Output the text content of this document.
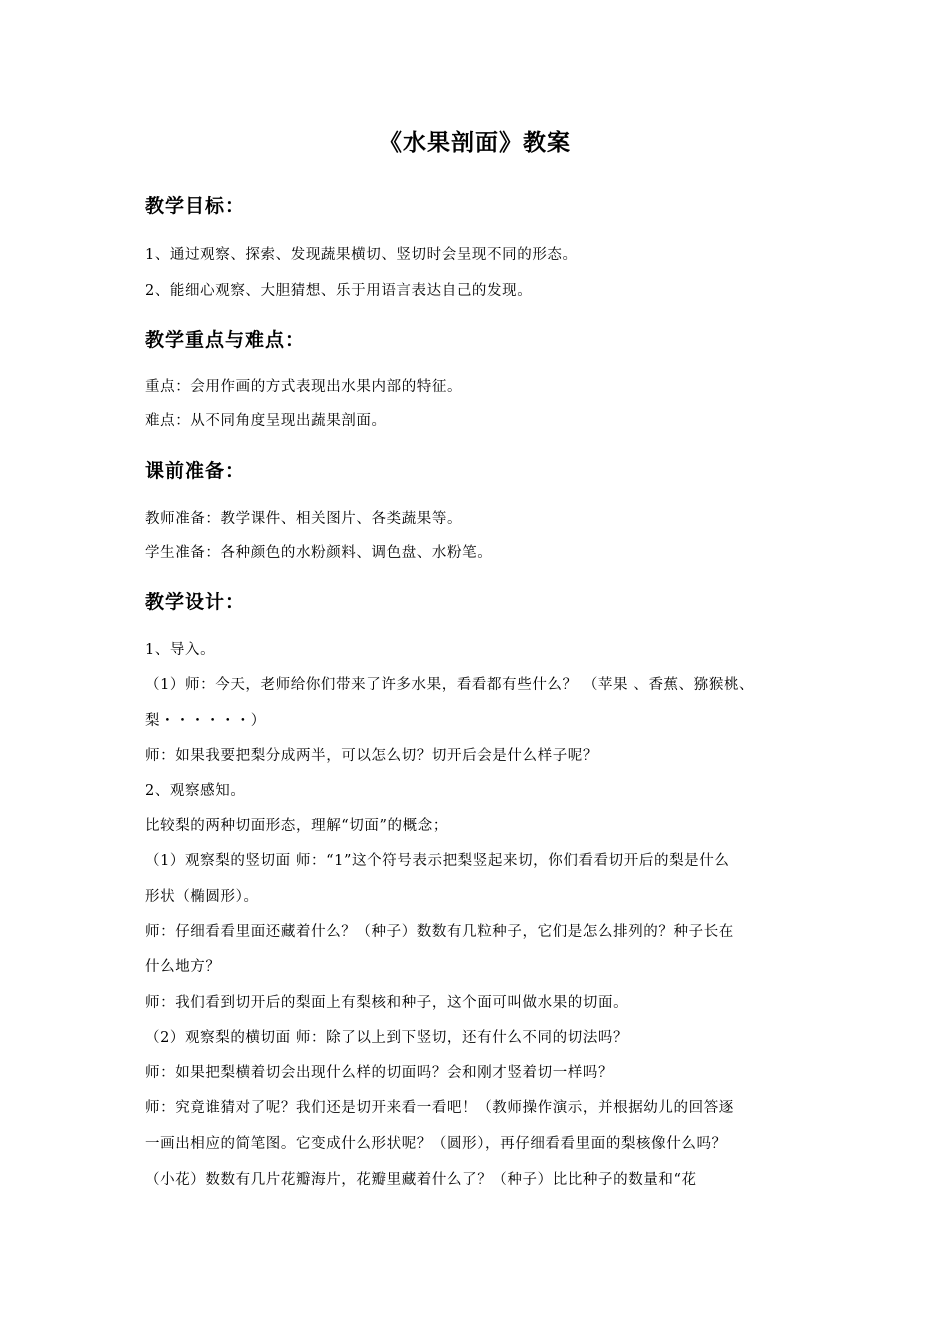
《水果剖面》教案
教学目标：
1、通过观察、探索、发现蔬果横切、竖切时会呈现不同的形态。
2、能细心观察、大胆猜想、乐于用语言表达自己的发现。
教学重点与难点：
重点：会用作画的方式表现出水果内部的特征。
难点：从不同角度呈现出蔬果剖面。
课前准备：
教师准备：教学课件、相关图片、各类蔬果等。
学生准备：各种颜色的水粉颜料、调色盘、水粉笔。
教学设计：
1、导入。
（1）师：今天，老师给你们带来了许多水果，看看都有些什么？ （苹果 、香蕉、猕猴桃、
梨・・・・・・）
师：如果我要把梨分成两半，可以怎么切？切开后会是什么样子呢？
2、观察感知。
比较梨的两种切面形态，理解“切面”的概念；
（1）观察梨的竖切面 师：“1”这个符号表示把梨竖起来切，你们看看切开后的梨是什么
形状（椭圆形）。
师：仔细看看里面还藏着什么？（种子）数数有几粒种子，它们是怎么排列的？种子长在
什么地方？
师：我们看到切开后的梨面上有梨核和种子，这个面可叫做水果的切面。
（2）观察梨的横切面 师：除了以上到下竖切，还有什么不同的切法吗？
师：如果把梨横着切会出现什么样的切面吗？会和刚才竖着切一样吗？
师：究竟谁猜对了呢？我们还是切开来看一看吧！（教师操作演示，并根据幼儿的回答逐
一画出相应的简笔图。它变成什么形状呢？（圆形），再仔细看看里面的梨核像什么吗？
（小花）数数有几片花瓣海片，花瓣里藏着什么了？（种子）比比种子的数量和“花
